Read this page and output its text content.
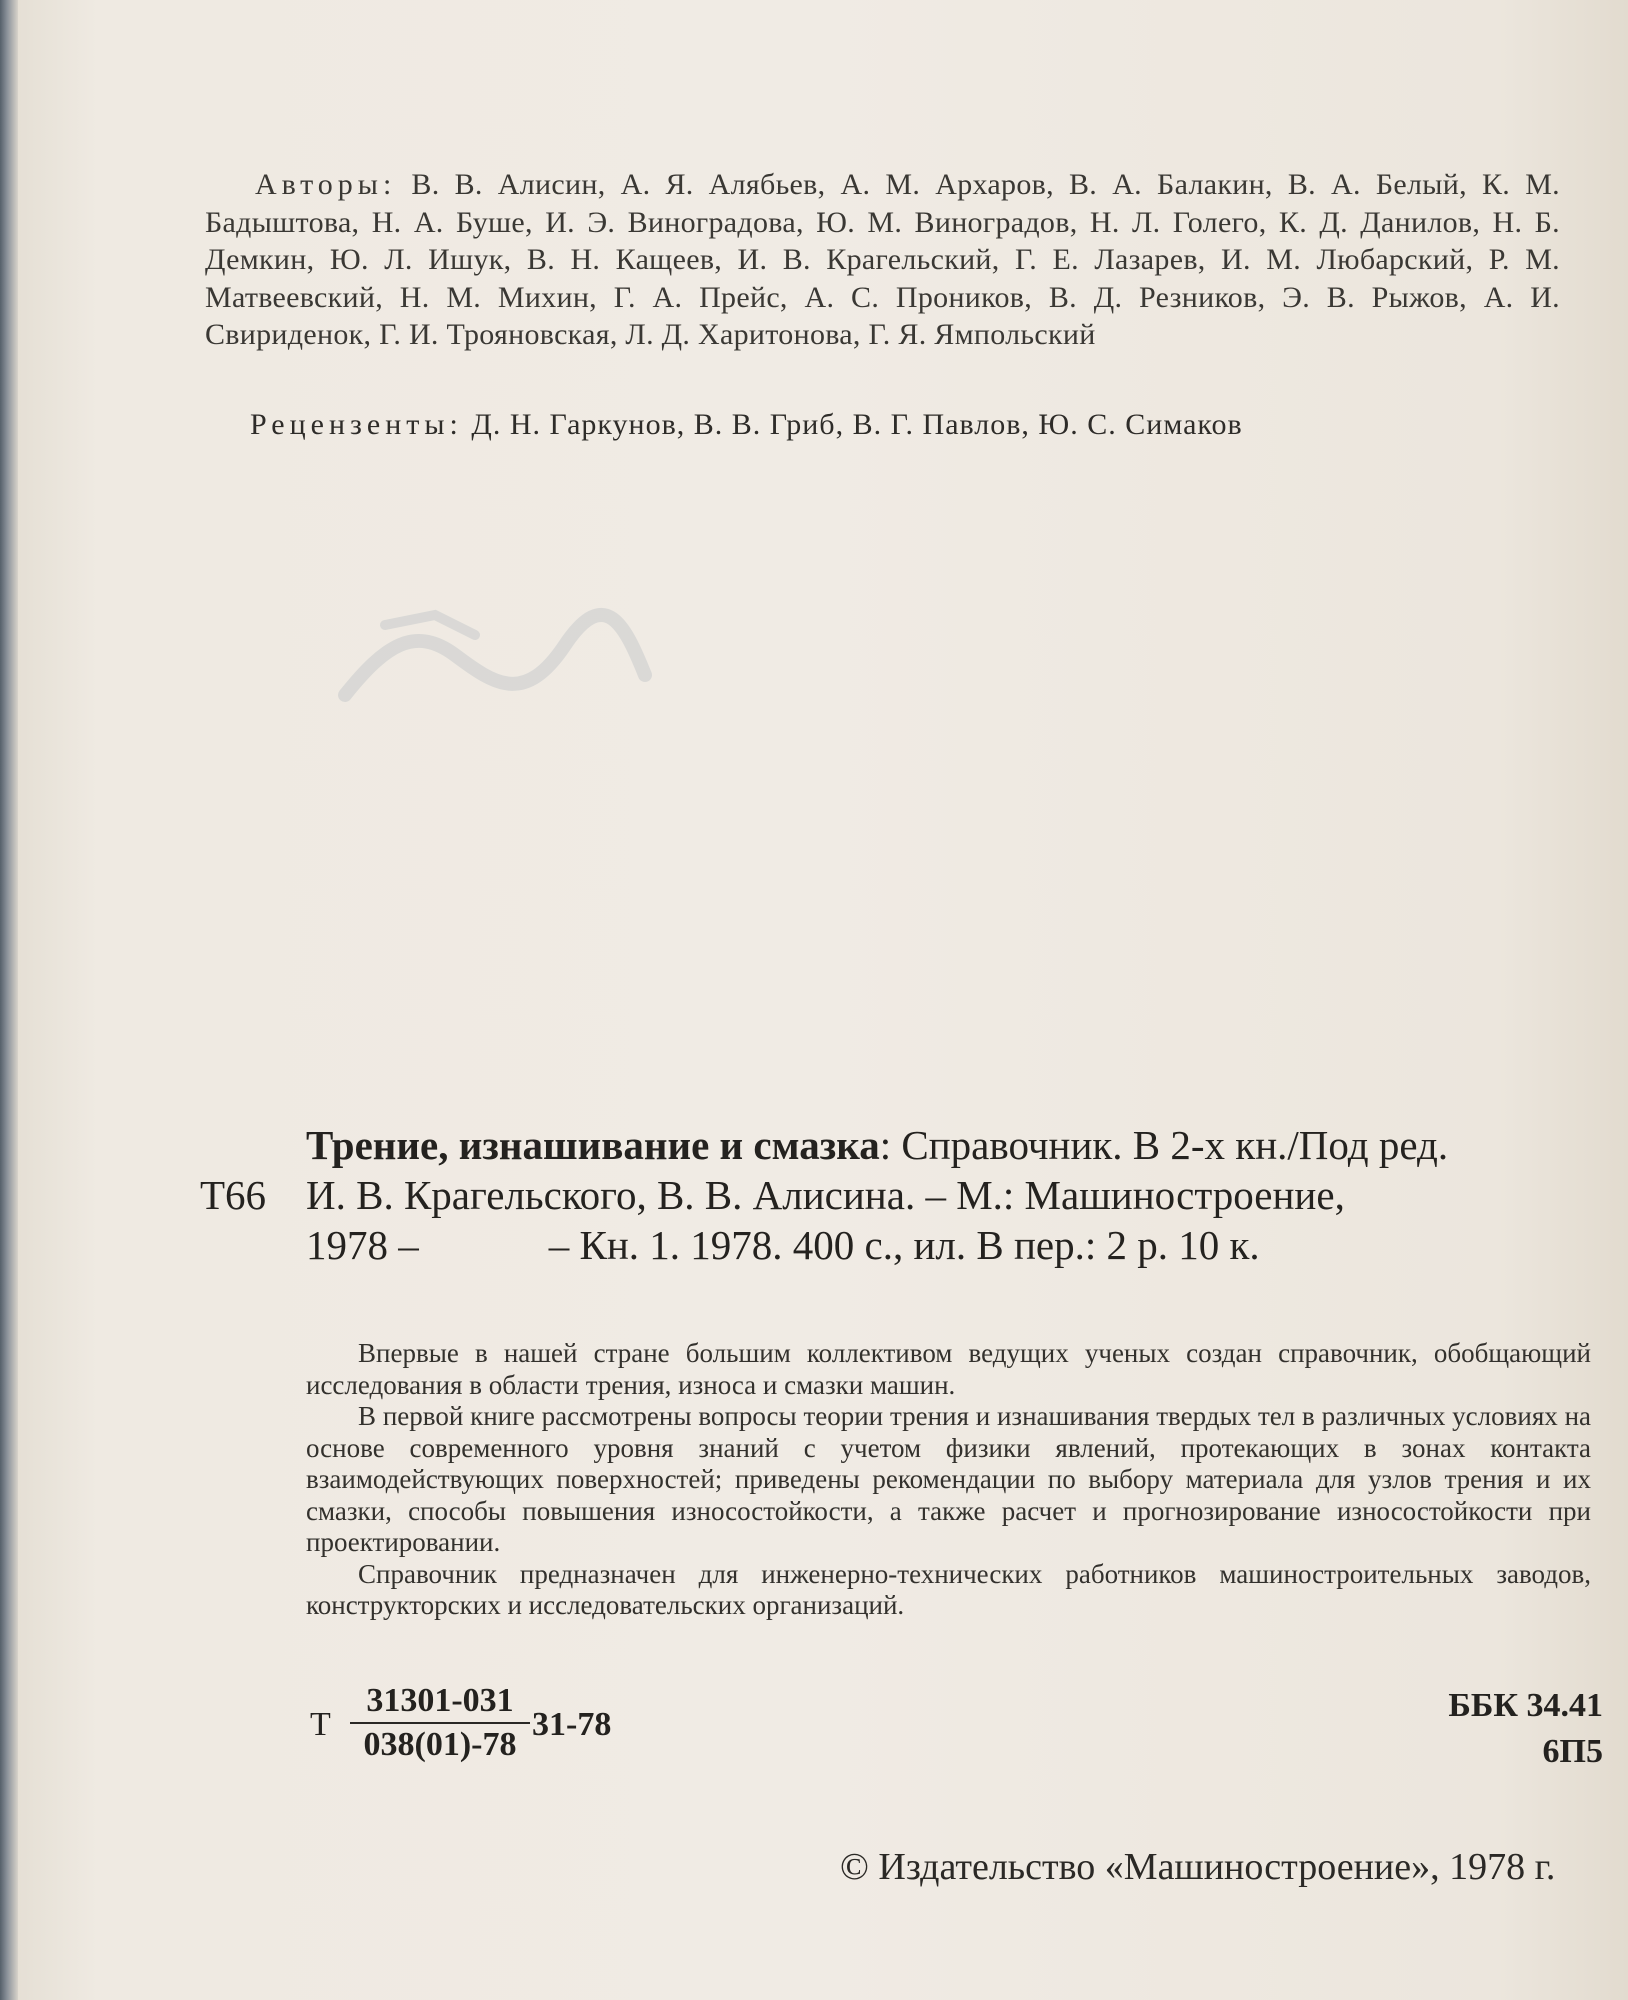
Авторы: В. В. Алисин, А. Я. Алябьев, А. М. Архаров, В. А. Балакин, В. А. Белый, К. М. Бадыштова, Н. А. Буше, И. Э. Виноградова, Ю. М. Виноградов, Н. Л. Голего, К. Д. Данилов, Н. Б. Демкин, Ю. Л. Ишук, В. Н. Кащеев, И. В. Крагельский, Г. Е. Лазарев, И. М. Любарский, Р. М. Матвеевский, Н. М. Михин, Г. А. Прейс, А. С. Проников, В. Д. Резников, Э. В. Рыжов, А. И. Свириденок, Г. И. Трояновская, Л. Д. Харитонова, Г. Я. Ямпольский

Рецензенты: Д. Н. Гаркунов, В. В. Гриб, В. Г. Павлов, Ю. С. Симаков
Т66
Трение, изнашивание и смазка: Справочник. В 2-х кн./Под ред.
И. В. Крагельского, В. В. Алисина. – М.: Машиностроение,
1978 –	– Кн. 1. 1978. 400 с., ил. В пер.: 2 р. 10 к.

Впервые в нашей стране большим коллективом ведущих ученых создан справочник, обобщающий исследования в области трения, износа и смазки машин.

В первой книге рассмотрены вопросы теории трения и изнашивания твердых тел в различных условиях на основе современного уровня знаний с учетом физики явлений, протекающих в зонах контакта взаимодействующих поверхностей; приведены рекомендации по выбору материала для узлов трения и их смазки, способы повышения износостойкости, а также расчет и прогнозирование износостойкости при проектировании.

Справочник предназначен для инженерно-технических работников машиностроительных заводов, конструкторских и исследовательских организаций.

Т
31301-031
038(01)-78
31-78
ББК 34.41
6П5
© Издательство «Машиностроение», 1978 г.
